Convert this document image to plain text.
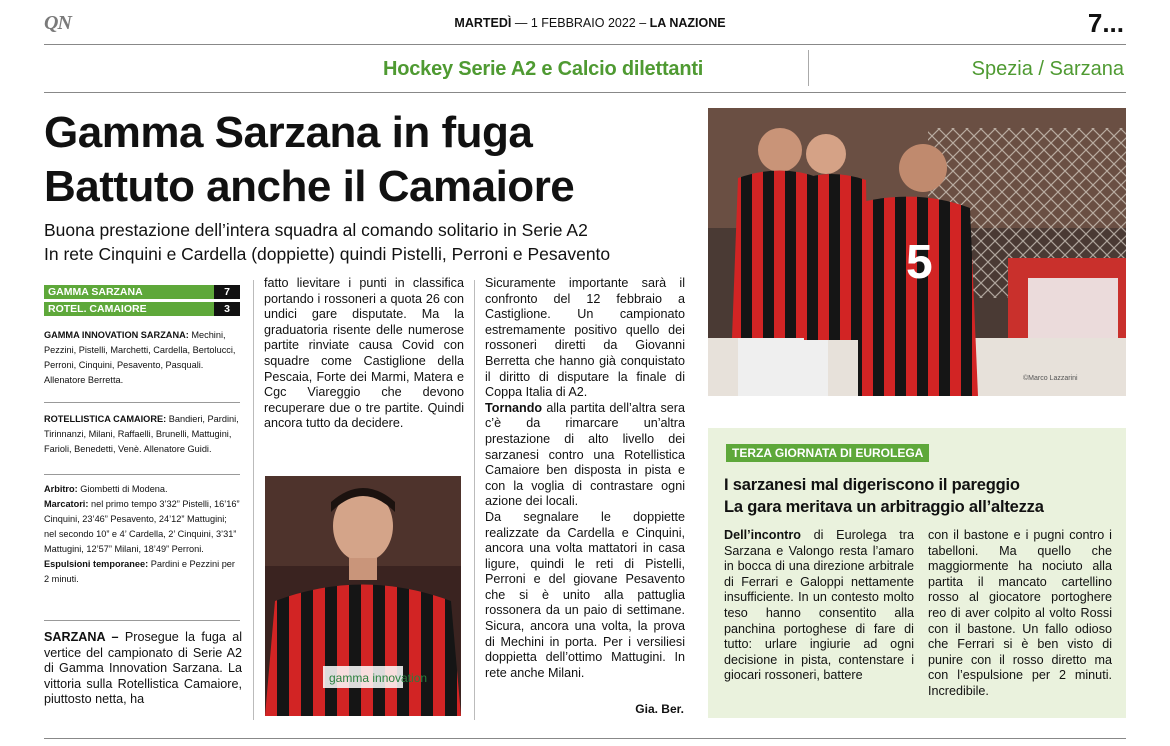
QN	MARTEDÌ — 1 FEBBRAIO 2022 – LA NAZIONE	7...
Hockey Serie A2 e Calcio dilettanti	Spezia / Sarzana
Gamma Sarzana in fuga
Battuto anche il Camaiore
Buona prestazione dell’intera squadra al comando solitario in Serie A2
In rete Cinquini e Cardella (doppiette) quindi Pistelli, Perroni e Pesavento
GAMMA SARZANA	7
ROTEL. CAMAIORE	3
GAMMA INNOVATION SARZANA: Mechini, Pezzini, Pistelli, Marchetti, Cardella, Bertolucci, Perroni, Cinquini, Pesavento, Pasquali. Allenatore Berretta.
ROTELLISTICA CAMAIORE: Bandieri, Pardini, Tirinnanzi, Milani, Raffaelli, Brunelli, Mattugini, Farioli, Benedetti, Venè. Allenatore Guidi.
Arbitro: Giombetti di Modena.
Marcatori: nel primo tempo 3’32” Pistelli, 16’16” Cinquini, 23’46” Pesavento, 24’12” Mattugini; nel secondo 10” e 4’ Cardella, 2’ Cinquini, 3’31” Mattugini, 12’57” Milani, 18’49” Perroni.
Espulsioni temporanee: Pardini e Pezzini per 2 minuti.
SARZANA – Prosegue la fuga al vertice del campionato di Serie A2 di Gamma Innovation Sarzana. La vittoria sulla Rotellistica Camaiore, piuttosto netta, ha
fatto lievitare i punti in classifica portando i rossoneri a quota 26 con undici gare disputate. Ma la graduatoria risente delle numerose partite rinviate causa Covid con squadre come Castiglione della Pescaia, Forte dei Marmi, Matera e Cgc Viareggio che devono recuperare due o tre partite. Quindi ancora tutto da decidere.
Sicuramente importante sarà il confronto del 12 febbraio a Castiglione. Un campionato estremamente positivo quello dei rossoneri diretti da Giovanni Berretta che hanno già conquistato il diritto di disputare la finale di Coppa Italia di A2.
Tornando alla partita dell’altra sera c’è da rimarcare un’altra prestazione di alto livello dei sarzanesi contro una Rotellistica Camaiore ben disposta in pista e con la voglia di contrastare ogni azione dei locali.
Da segnalare le doppiette realizzate da Cardella e Cinquini, ancora una volta mattatori in casa ligure, quindi le reti di Pistelli, Perroni e del giovane Pesavento che si è unito alla pattuglia rossonera da un paio di settimane. Sicura, ancora una volta, la prova di Mechini in porta. Per i versiliesi doppietta dell’ottimo Mattugini. In rete anche Milani.
Gia. Ber.
5
©Marco Lazzarini
gamma innovation
TERZA GIORNATA DI EUROLEGA
I sarzanesi mal digeriscono il pareggio
La gara meritava un arbitraggio all’altezza
Dell’incontro di Eurolega tra Sarzana e Valongo resta l’amaro in bocca di una direzione arbitrale di Ferrari e Galoppi nettamente insufficiente. In un contesto molto teso hanno consentito alla panchina portoghese di fare di tutto: urlare ingiurie ad ogni decisione in pista, contenstare i giocari rossoneri, battere
con il bastone e i pugni contro i tabelloni. Ma quello che maggiormente ha nociuto alla partita il mancato cartellino rosso al giocatore portoghere reo di aver colpito al volto Rossi con il bastone. Un fallo odioso che Ferrari si è ben visto di punire con il rosso diretto ma con l’espulsione per 2 minuti. Incredibile.
